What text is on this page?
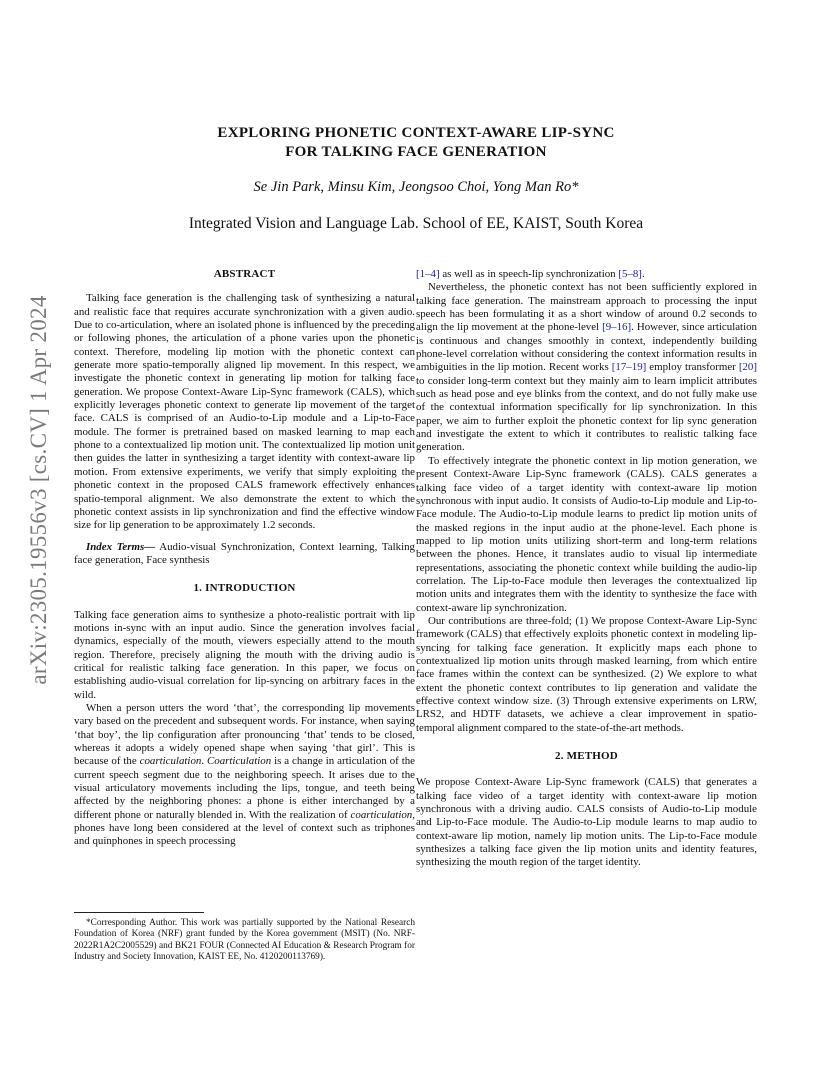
arXiv:2305.19556v3 [cs.CV] 1 Apr 2024
EXPLORING PHONETIC CONTEXT-AWARE LIP-SYNC
FOR TALKING FACE GENERATION
Se Jin Park, Minsu Kim, Jeongsoo Choi, Yong Man Ro*
Integrated Vision and Language Lab. School of EE, KAIST, South Korea
ABSTRACT

Talking face generation is the challenging task of synthesizing a natural and realistic face that requires accurate synchronization with a given audio. Due to co-articulation, where an isolated phone is influenced by the preceding or following phones, the articulation of a phone varies upon the phonetic context. Therefore, modeling lip motion with the phonetic context can generate more spatio-temporally aligned lip movement. In this respect, we investigate the phonetic context in generating lip motion for talking face generation. We propose Context-Aware Lip-Sync framework (CALS), which explicitly leverages phonetic context to generate lip movement of the target face. CALS is comprised of an Audio-to-Lip module and a Lip-to-Face module. The former is pretrained based on masked learning to map each phone to a contextualized lip motion unit. The contextualized lip motion unit then guides the latter in synthesizing a target identity with context-aware lip motion. From extensive experiments, we verify that simply exploiting the phonetic context in the proposed CALS framework effectively enhances spatio-temporal alignment. We also demonstrate the extent to which the phonetic context assists in lip synchronization and find the effective window size for lip generation to be approximately 1.2 seconds.

Index Terms— Audio-visual Synchronization, Context learning, Talking face generation, Face synthesis

1. INTRODUCTION

Talking face generation aims to synthesize a photo-realistic portrait with lip motions in-sync with an input audio. Since the generation involves facial dynamics, especially of the mouth, viewers especially attend to the mouth region. Therefore, precisely aligning the mouth with the driving audio is critical for realistic talking face generation. In this paper, we focus on establishing audio-visual correlation for lip-syncing on arbitrary faces in the wild.

When a person utters the word ‘that’, the corresponding lip movements vary based on the precedent and subsequent words. For instance, when saying ‘that boy’, the lip configuration after pronouncing ‘that’ tends to be closed, whereas it adopts a widely opened shape when saying ‘that girl’. This is because of the coarticulation. Coarticulation is a change in articulation of the current speech segment due to the neighboring speech. It arises due to the visual articulatory movements including the lips, tongue, and teeth being affected by the neighboring phones: a phone is either interchanged by a different phone or naturally blended in. With the realization of coarticulation, phones have long been considered at the level of context such as triphones and quinphones in speech processing

*Corresponding Author. This work was partially supported by the National Research Foundation of Korea (NRF) grant funded by the Korea government (MSIT) (No. NRF-2022R1A2C2005529) and BK21 FOUR (Connected AI Education & Research Program for Industry and Society Innovation, KAIST EE, No. 4120200113769).

[1–4] as well as in speech-lip synchronization [5–8].

Nevertheless, the phonetic context has not been sufficiently explored in talking face generation. The mainstream approach to processing the input speech has been formulating it as a short window of around 0.2 seconds to align the lip movement at the phone-level [9–16]. However, since articulation is continuous and changes smoothly in context, independently building phone-level correlation without considering the context information results in ambiguities in the lip motion. Recent works [17–19] employ transformer [20] to consider long-term context but they mainly aim to learn implicit attributes such as head pose and eye blinks from the context, and do not fully make use of the contextual information specifically for lip synchronization. In this paper, we aim to further exploit the phonetic context for lip sync generation and investigate the extent to which it contributes to realistic talking face generation.

To effectively integrate the phonetic context in lip motion generation, we present Context-Aware Lip-Sync framework (CALS). CALS generates a talking face video of a target identity with context-aware lip motion synchronous with input audio. It consists of Audio-to-Lip module and Lip-to-Face module. The Audio-to-Lip module learns to predict lip motion units of the masked regions in the input audio at the phone-level. Each phone is mapped to lip motion units utilizing short-term and long-term relations between the phones. Hence, it translates audio to visual lip intermediate representations, associating the phonetic context while building the audio-lip correlation. The Lip-to-Face module then leverages the contextualized lip motion units and integrates them with the identity to synthesize the face with context-aware lip synchronization.

Our contributions are three-fold; (1) We propose Context-Aware Lip-Sync framework (CALS) that effectively exploits phonetic context in modeling lip-syncing for talking face generation. It explicitly maps each phone to contextualized lip motion units through masked learning, from which entire face frames within the context can be synthesized. (2) We explore to what extent the phonetic context contributes to lip generation and validate the effective context window size. (3) Through extensive experiments on LRW, LRS2, and HDTF datasets, we achieve a clear improvement in spatio-temporal alignment compared to the state-of-the-art methods.

2. METHOD

We propose Context-Aware Lip-Sync framework (CALS) that generates a talking face video of a target identity with context-aware lip motion synchronous with a driving audio. CALS consists of Audio-to-Lip module and Lip-to-Face module. The Audio-to-Lip module learns to map audio to context-aware lip motion, namely lip motion units. The Lip-to-Face module synthesizes a talking face given the lip motion units and identity features, synthesizing the mouth region of the target identity.
